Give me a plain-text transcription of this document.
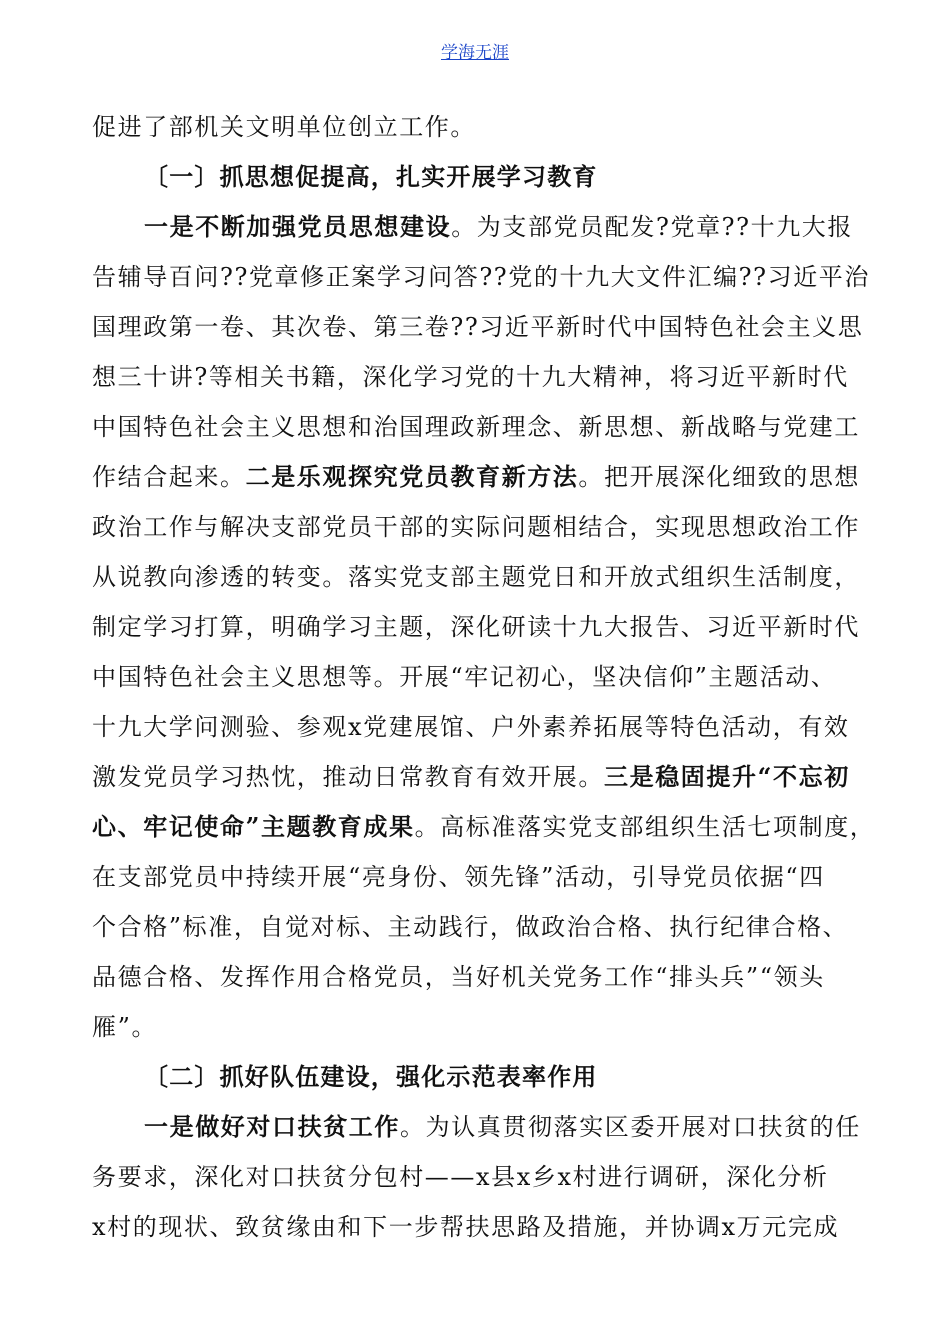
学海无涯
促进了部机关文明单位创立工作。
〔一〕抓思想促提高，扎实开展学习教育
一是不断加强党员思想建设。为支部党员配发?党章??十九大报
告辅导百问??党章修正案学习问答??党的十九大文件汇编??习近平治
国理政第一卷、其次卷、第三卷??习近平新时代中国特色社会主义思
想三十讲?等相关书籍，深化学习党的十九大精神，将习近平新时代
中国特色社会主义思想和治国理政新理念、新思想、新战略与党建工
作结合起来。二是乐观探究党员教育新方法。把开展深化细致的思想
政治工作与解决支部党员干部的实际问题相结合，实现思想政治工作
从说教向渗透的转变。落实党支部主题党日和开放式组织生活制度，
制定学习打算，明确学习主题，深化研读十九大报告、习近平新时代
中国特色社会主义思想等。开展“牢记初心，坚决信仰”主题活动、
十九大学问测验、参观x党建展馆、户外素养拓展等特色活动，有效
激发党员学习热忱，推动日常教育有效开展。三是稳固提升“不忘初
心、牢记使命”主题教育成果。高标准落实党支部组织生活七项制度，
在支部党员中持续开展“亮身份、领先锋”活动，引导党员依据“四
个合格”标准，自觉对标、主动践行，做政治合格、执行纪律合格、
品德合格、发挥作用合格党员，当好机关党务工作“排头兵”“领头
雁”。
〔二〕抓好队伍建设，强化示范表率作用
一是做好对口扶贫工作。为认真贯彻落实区委开展对口扶贫的任
务要求，深化对口扶贫分包村——x县x乡x村进行调研，深化分析
x村的现状、致贫缘由和下一步帮扶思路及措施，并协调x万元完成
